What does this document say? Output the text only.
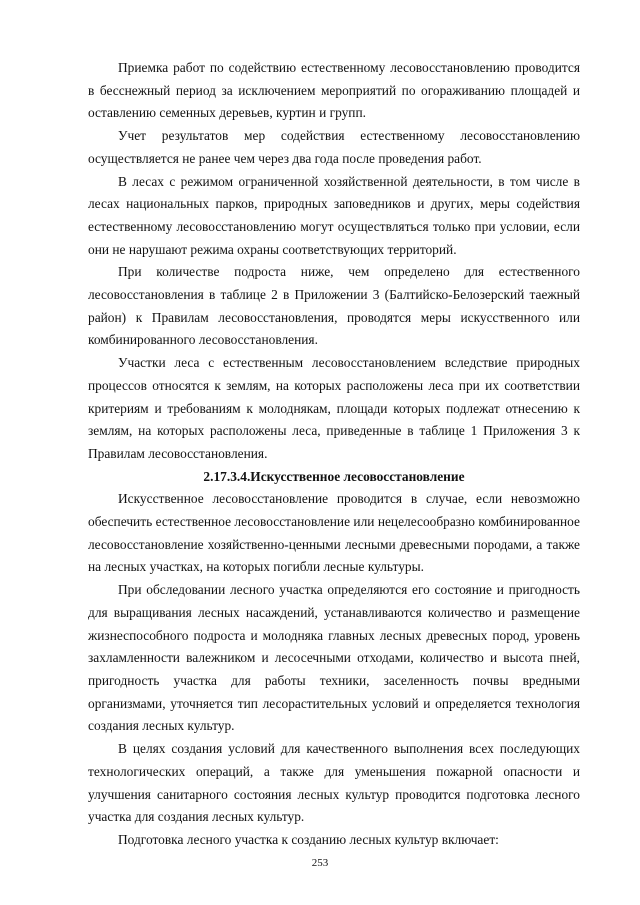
Приемка работ по содействию естественному лесовосстановлению проводится в бесснежный период за исключением мероприятий по огораживанию площадей и оставлению семенных деревьев, куртин и групп.

Учет результатов мер содействия естественному лесовосстановлению осуществляется не ранее чем через два года после проведения работ.

В лесах с режимом ограниченной хозяйственной деятельности, в том числе в лесах национальных парков, природных заповедников и других, меры содействия естественному лесовосстановлению могут осуществляться только при условии, если они не нарушают режима охраны соответствующих территорий.

При количестве подроста ниже, чем определено для естественного лесовосстановления в таблице 2 в Приложении 3 (Балтийско-Белозерский таежный район) к Правилам лесовосстановления, проводятся меры искусственного или комбинированного лесовосстановления.

Участки леса с естественным лесовосстановлением вследствие природных процессов относятся к землям, на которых расположены леса при их соответствии критериям и требованиям к молоднякам, площади которых подлежат отнесению к землям, на которых расположены леса, приведенные в таблице 1 Приложения 3 к Правилам лесовосстановления.

2.17.3.4.Искусственное лесовосстановление

Искусственное лесовосстановление проводится в случае, если невозможно обеспечить естественное лесовосстановление или нецелесообразно комбинированное лесовосстановление хозяйственно-ценными лесными древесными породами, а также на лесных участках, на которых погибли лесные культуры.

При обследовании лесного участка определяются его состояние и пригодность для выращивания лесных насаждений, устанавливаются количество и размещение жизнеспособного подроста и молодняка главных лесных древесных пород, уровень захламленности валежником и лесосечными отходами, количество и высота пней, пригодность участка для работы техники, заселенность почвы вредными организмами, уточняется тип лесорастительных условий и определяется технология создания лесных культур.

В целях создания условий для качественного выполнения всех последующих технологических операций, а также для уменьшения пожарной опасности и улучшения санитарного состояния лесных культур проводится подготовка лесного участка для создания лесных культур.

Подготовка лесного участка к созданию лесных культур включает:

253
